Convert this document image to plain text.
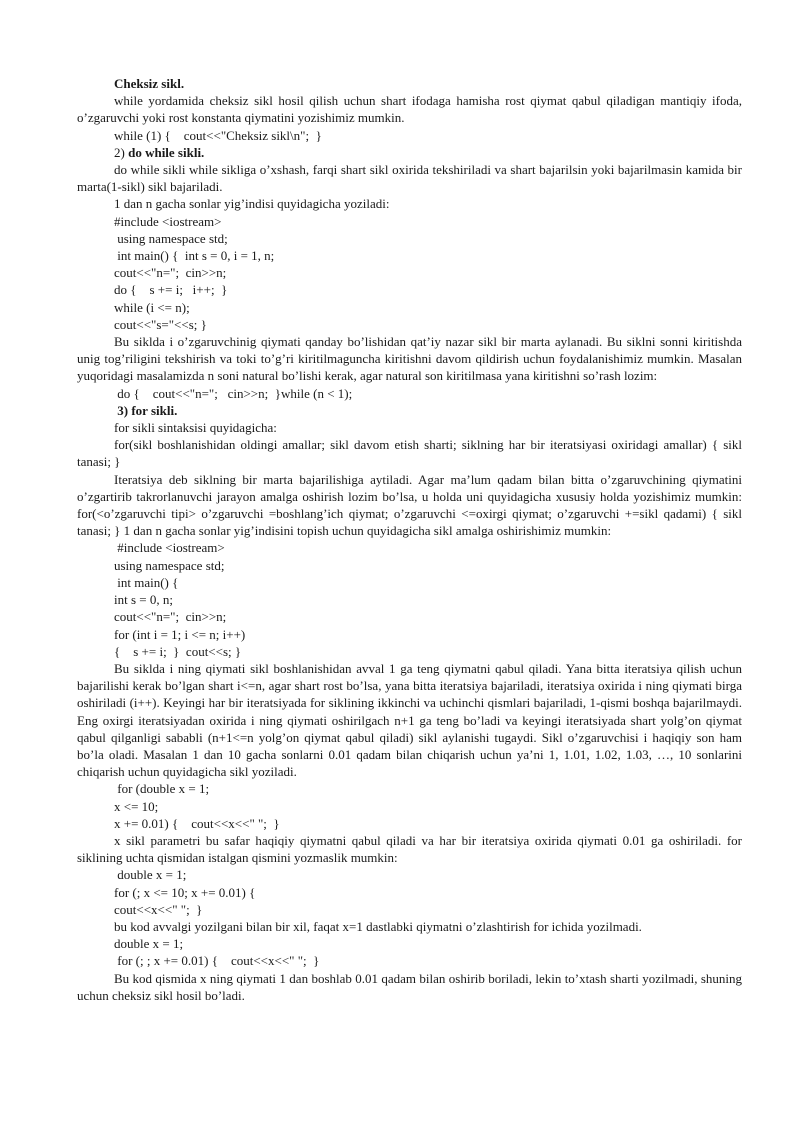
Cheksiz sikl.
while yordamida cheksiz sikl hosil qilish uchun shart ifodaga hamisha rost qiymat qabul qiladigan mantiqiy ifoda, o’zgaruvchi yoki rost konstanta qiymatini yozishimiz mumkin.
while (1) {    cout<<"Cheksiz sikl\n";  }
2) do while sikli.
do while sikli while sikliga o’xshash, farqi shart sikl oxirida tekshiriladi va shart bajarilsin yoki bajarilmasin kamida bir marta(1-sikl) sikl bajariladi.
1 dan n gacha sonlar yig’indisi quyidagicha yoziladi:
#include <iostream>
using namespace std;
int main() {  int s = 0, i = 1, n;
cout<<"n=";  cin>>n;
do {    s += i;   i++;  }
while (i <= n);
cout<<"s="<<s; }
Bu siklda i o’zgaruvchinig qiymati qanday bo’lishidan qat’iy nazar sikl bir marta aylanadi. Bu siklni sonni kiritishda unig tog’riligini tekshirish va toki to’g’ri kiritilmaguncha kiritishni davom qildirish uchun foydalanishimiz mumkin. Masalan yuqoridagi masalamizda n soni natural bo’lishi kerak, agar natural son kiritilmasa yana kiritishni so’rash lozim:
do {    cout<<"n=";   cin>>n;  }while (n < 1);
3) for sikli.
for sikli sintaksisi quyidagicha:
for(sikl boshlanishidan oldingi amallar; sikl davom etish sharti; siklning har bir iteratsiyasi oxiridagi amallar) { sikl tanasi; }
Iteratsiya deb siklning bir marta bajarilishiga aytiladi. Agar ma’lum qadam bilan bitta o’zgaruvchining qiymatini o’zgartirib takrorlanuvchi jarayon amalga oshirish lozim bo’lsa, u holda uni quyidagicha xususiy holda yozishimiz mumkin: for(<o’zgaruvchi tipi> o’zgaruvchi =boshlang’ich qiymat; o’zgaruvchi <=oxirgi qiymat; o’zgaruvchi +=sikl qadami) { sikl tanasi; } 1 dan n gacha sonlar yig’indisini topish uchun quyidagicha sikl amalga oshirishimiz mumkin:
#include <iostream>
using namespace std;
int main() {
int s = 0, n;
cout<<"n=";  cin>>n;
for (int i = 1; i <= n; i++)
{    s += i;  }  cout<<s; }
Bu siklda i ning qiymati sikl boshlanishidan avval 1 ga teng qiymatni qabul qiladi. Yana bitta iteratsiya qilish uchun bajarilishi kerak bo’lgan shart i<=n, agar shart rost bo’lsa, yana bitta iteratsiya bajariladi, iteratsiya oxirida i ning qiymati birga oshiriladi (i++). Keyingi har bir iteratsiyada for siklining ikkinchi va uchinchi qismlari bajariladi, 1-qismi boshqa bajarilmaydi. Eng oxirgi iteratsiyadan oxirida i ning qiymati oshirilgach n+1 ga teng bo’ladi va keyingi iteratsiyada shart yolg’on qiymat qabul qilganligi sababli (n+1<=n yolg’on qiymat qabul qiladi) sikl aylanishi tugaydi. Sikl o’zgaruvchisi i haqiqiy son ham bo’la oladi. Masalan 1 dan 10 gacha sonlarni 0.01 qadam bilan chiqarish uchun ya’ni 1, 1.01, 1.02, 1.03, …, 10 sonlarini chiqarish uchun quyidagicha sikl yoziladi.
for (double x = 1;
x <= 10;
x += 0.01) {    cout<<x<<" ";  }
x sikl parametri bu safar haqiqiy qiymatni qabul qiladi va har bir iteratsiya oxirida qiymati 0.01 ga oshiriladi. for siklining uchta qismidan istalgan qismini yozmaslik mumkin:
double x = 1;
for (; x <= 10; x += 0.01) {
cout<<x<<" ";  }
bu kod avvalgi yozilgani bilan bir xil, faqat x=1 dastlabki qiymatni o’zlashtirish for ichida yozilmadi.
double x = 1;
for (; ; x += 0.01) {    cout<<x<<" ";  }
Bu kod qismida x ning qiymati 1 dan boshlab 0.01 qadam bilan oshirib boriladi, lekin to’xtash sharti yozilmadi, shuning uchun cheksiz sikl hosil bo’ladi.
